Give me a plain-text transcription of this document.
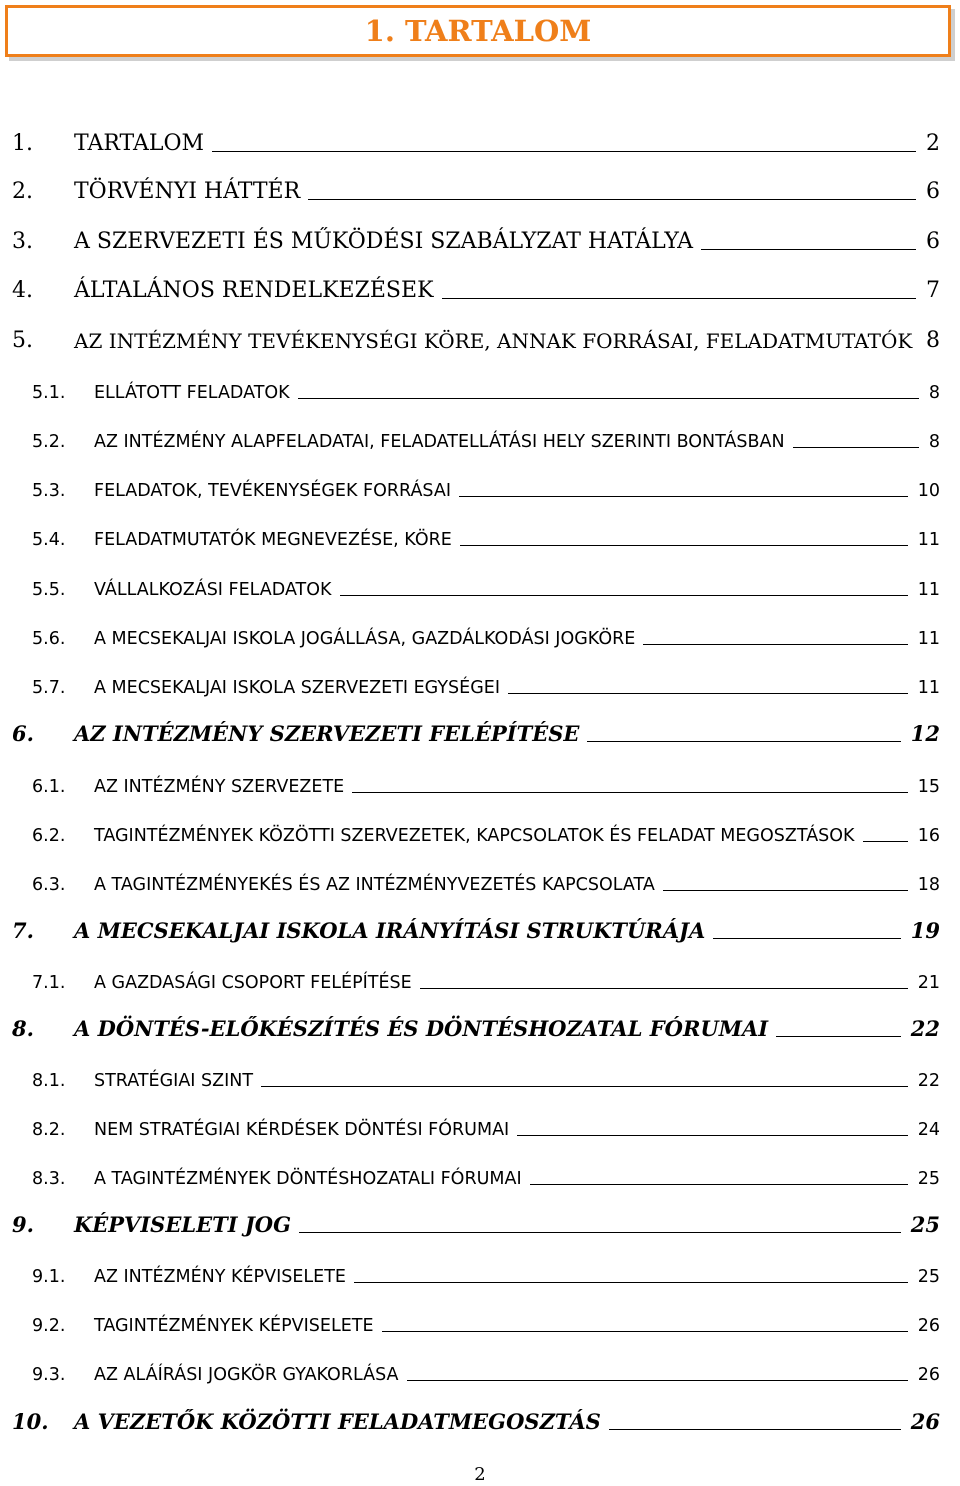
1. TARTALOM
1. TARTALOM	2
2. TÖRVÉNYI HÁTTÉR	6
3. A SZERVEZETI ÉS MŰKÖDÉSI SZABÁLYZAT HATÁLYA	6
4. ÁLTALÁNOS RENDELKEZÉSEK	7
5. AZ INTÉZMÉNY TEVÉKENYSÉGI KÖRE, ANNAK FORRÁSAI, FELADATMUTATÓK 8
5.1. ELLÁTOTT FELADATOK	8
5.2. AZ INTÉZMÉNY ALAPFELADATAI, FELADATELLÁTÁSI HELY SZERINTI BONTÁSBAN	8
5.3. FELADATOK, TEVÉKENYSÉGEK FORRÁSAI	10
5.4. FELADATMUTATÓK MEGNEVEZÉSE, KÖRE	11
5.5. VÁLLALKOZÁSI FELADATOK	11
5.6. A MECSEKALJAI ISKOLA JOGÁLLÁSA, GAZDÁLKODÁSI JOGKÖRE	11
5.7. A MECSEKALJAI ISKOLA SZERVEZETI EGYSÉGEI	11
6. AZ INTÉZMÉNY SZERVEZETI FELÉPÍTÉSE	12
6.1. AZ INTÉZMÉNY SZERVEZETE	15
6.2. TAGINTÉZMÉNYEK KÖZÖTTI SZERVEZETEK, KAPCSOLATOK ÉS FELADAT MEGOSZTÁSOK	16
6.3. A TAGINTÉZMÉNYEKÉS ÉS AZ INTÉZMÉNYVEZETÉS KAPCSOLATA	18
7. A MECSEKALJAI ISKOLA IRÁNYÍTÁSI STRUKTÚRÁJA	19
7.1. A GAZDASÁGI CSOPORT FELÉPÍTÉSE	21
8. A DÖNTÉS-ELŐKÉSZÍTÉS ÉS DÖNTÉSHOZATAL FÓRUMAI	22
8.1. STRATÉGIAI SZINT	22
8.2. NEM STRATÉGIAI KÉRDÉSEK DÖNTÉSI FÓRUMAI	24
8.3. A TAGINTÉZMÉNYEK DÖNTÉSHOZATALI FÓRUMAI	25
9. KÉPVISELETI JOG	25
9.1. AZ INTÉZMÉNY KÉPVISELETE	25
9.2. TAGINTÉZMÉNYEK KÉPVISELETE	26
9.3. AZ ALÁÍRÁSI JOGKÖR GYAKORLÁSA	26
10. A VEZETŐK KÖZÖTTI FELADATMEGOSZTÁS	26
2
